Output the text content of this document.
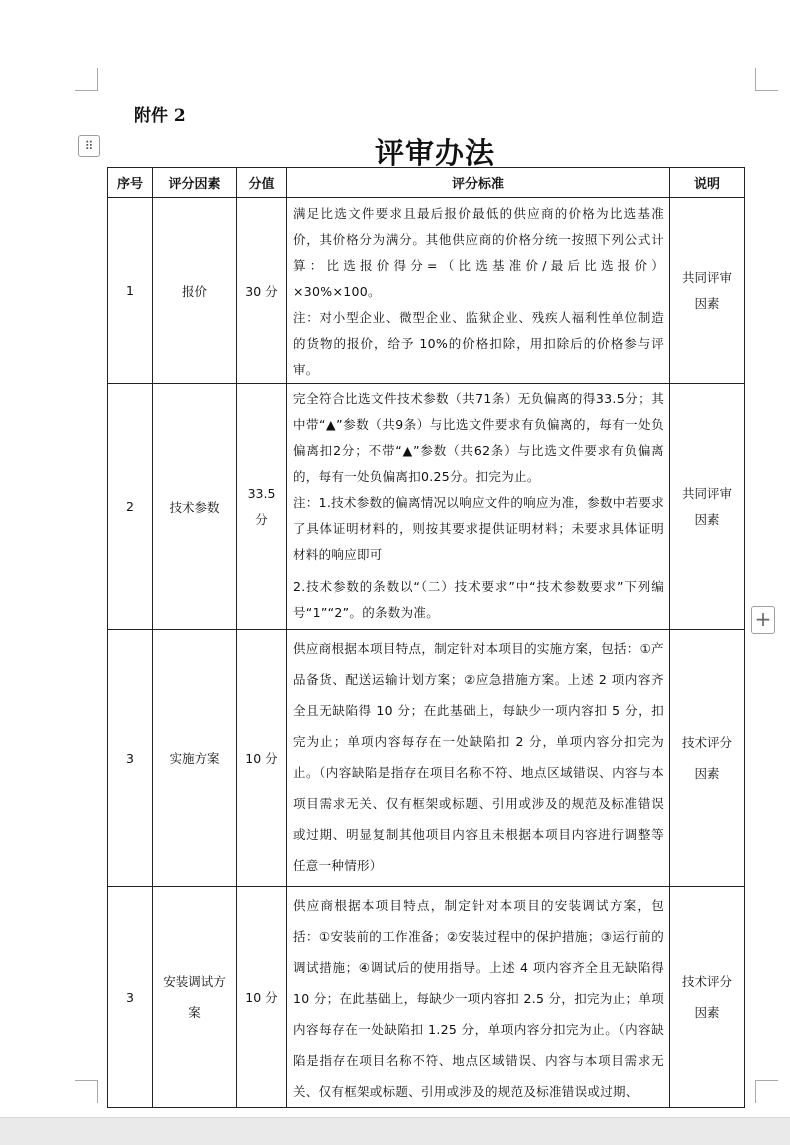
附件 2
⠿	评审办法
+
序号	评分因素	分值	评分标准	说明
1	报价	30 分	满足比选文件要求且最后报价最低的供应商的价格为比选基准价，其价格分为满分。其他供应商的价格分统一按照下列公式计算：比选报价得分=（比选基准价/最后比选报价）×30%×100。

注：对小型企业、微型企业、监狱企业、残疾人福利性单位制造的货物的报价，给予 10%的价格扣除，用扣除后的价格参与评审。	共同评审因素
2	技术参数	33.5 分	完全符合比选文件技术参数（共71条）无负偏离的得33.5分；其中带“▲”参数（共9条）与比选文件要求有负偏离的，每有一处负偏离扣2分；不带“▲”参数（共62条）与比选文件要求有负偏离的，每有一处负偏离扣0.25分。扣完为止。

注：1.技术参数的偏离情况以响应文件的响应为准，参数中若要求了具体证明材料的，则按其要求提供证明材料；未要求具体证明材料的响应即可

2.技术参数的条数以“（二）技术要求”中“技术参数要求”下列编号“1”“2”。的条数为准。	共同评审因素
3	实施方案	10 分	供应商根据本项目特点，制定针对本项目的实施方案，包括：①产品备货、配送运输计划方案；②应急措施方案。上述 2 项内容齐全且无缺陷得 10 分；在此基础上，每缺少一项内容扣 5 分，扣完为止；单项内容每存在一处缺陷扣 2 分，单项内容分扣完为止。（内容缺陷是指存在项目名称不符、地点区域错误、内容与本项目需求无关、仅有框架或标题、引用或涉及的规范及标准错误或过期、明显复制其他项目内容且未根据本项目内容进行调整等任意一种情形）	技术评分因素
3	安装调试方案	10 分	供应商根据本项目特点，制定针对本项目的安装调试方案，包括：①安装前的工作准备；②安装过程中的保护措施；③运行前的调试措施；④调试后的使用指导。上述 4 项内容齐全且无缺陷得 10 分；在此基础上，每缺少一项内容扣 2.5 分，扣完为止；单项内容每存在一处缺陷扣 1.25 分，单项内容分扣完为止。（内容缺陷是指存在项目名称不符、地点区域错误、内容与本项目需求无关、仅有框架或标题、引用或涉及的规范及标准错误或过期、	技术评分因素
